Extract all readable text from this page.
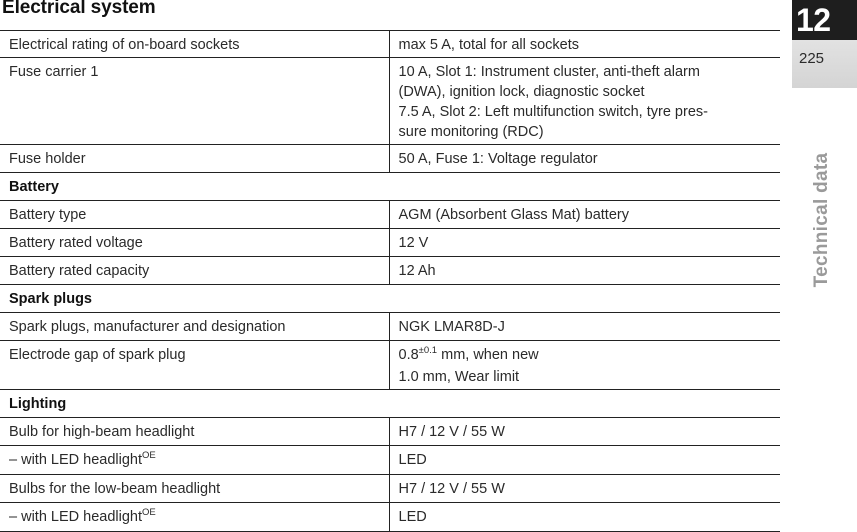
Electrical system	12
225
Technical data
Electrical rating of on-board sockets	max 5 A, total for all sockets
Fuse carrier 1	10 A, Slot 1: Instrument cluster, anti-theft alarm
(DWA), ignition lock, diagnostic socket
7.5 A, Slot 2: Left multifunction switch, tyre pres-
sure monitoring (RDC)

Fuse holder	50 A, Fuse 1: Voltage regulator
Battery	
Battery type	AGM (Absorbent Glass Mat) battery
Battery rated voltage	12 V
Battery rated capacity	12 Ah
Spark plugs	
Spark plugs, manufacturer and designation	NGK LMAR8D-J
Electrode gap of spark plug	$0.8^{\pm 0.1}$ mm, when new
1.0 mm, Wear limit

Lighting	
Bulb for high-beam headlight	H7 / 12 V / 55 W
– with LED headlight$^{OE}$	LED
Bulbs for the low-beam headlight	H7 / 12 V / 55 W
– with LED headlight$^{OE}$	LED
